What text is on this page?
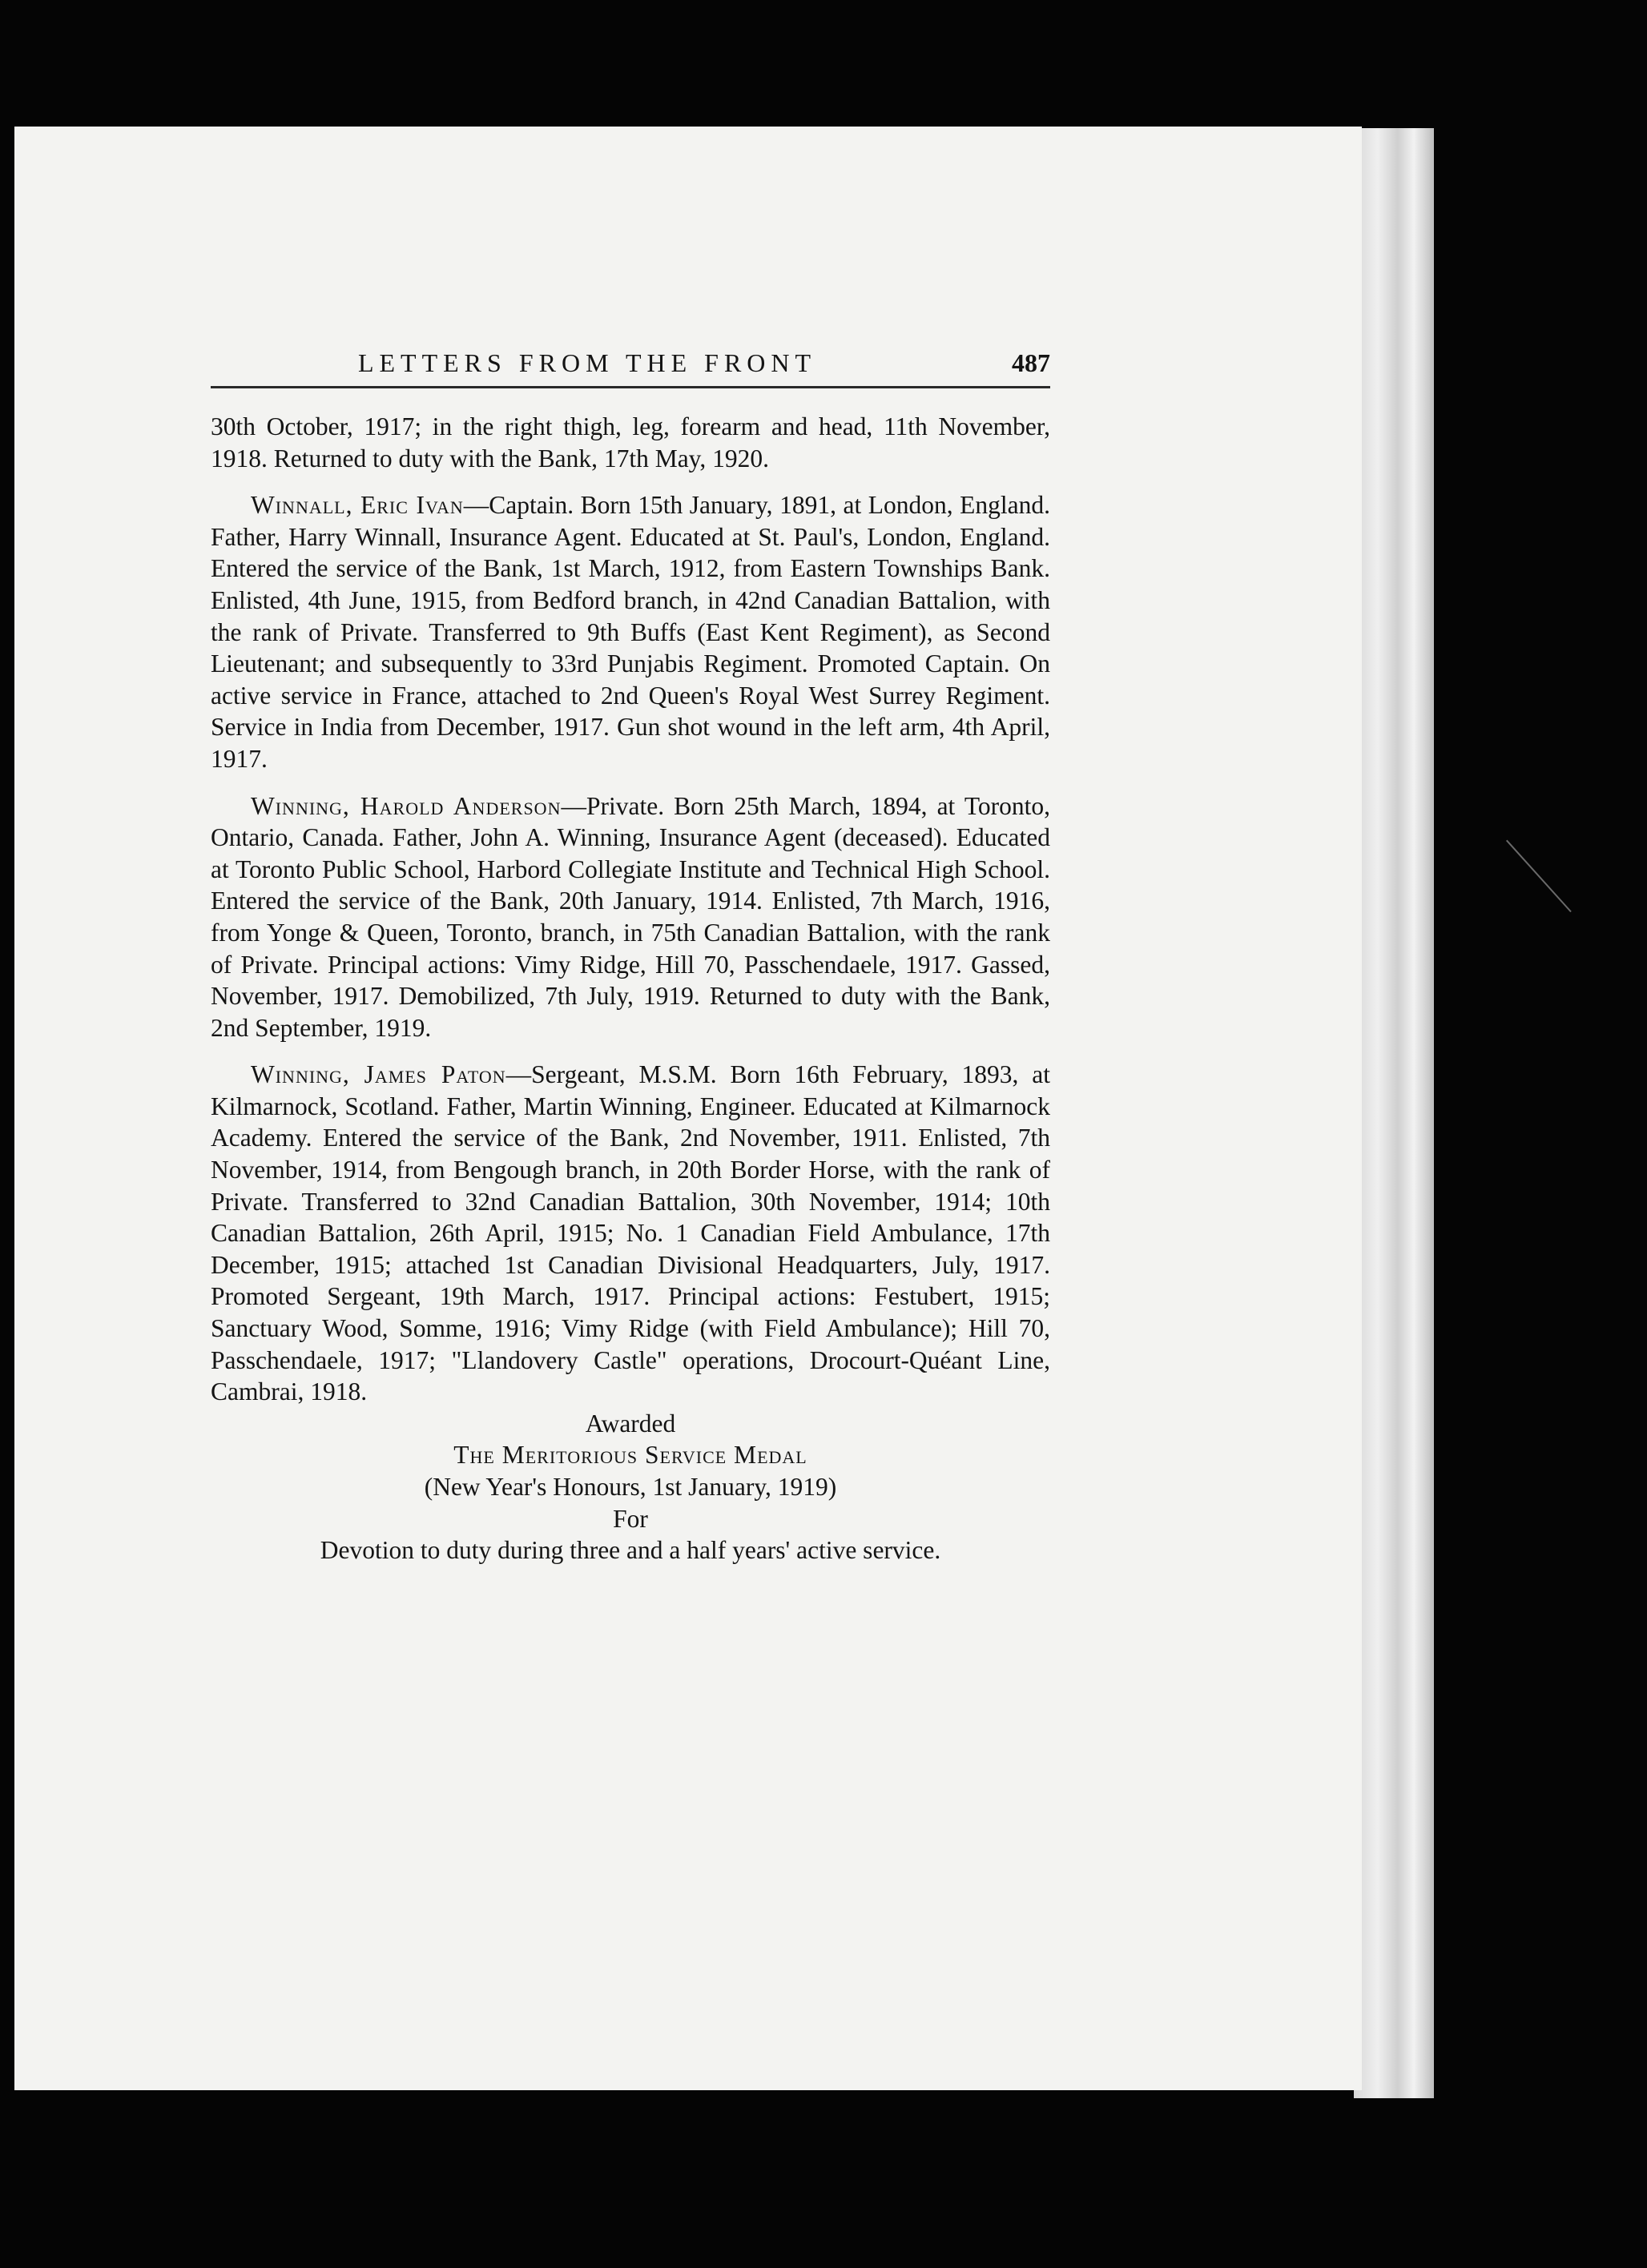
LETTERS FROM THE FRONT	487

30th October, 1917; in the right thigh, leg, forearm and head, 11th November, 1918. Returned to duty with the Bank, 17th May, 1920.

Winnall, Eric Ivan—Captain. Born 15th January, 1891, at London, England. Father, Harry Winnall, Insurance Agent. Educated at St. Paul's, London, England. Entered the service of the Bank, 1st March, 1912, from Eastern Townships Bank. Enlisted, 4th June, 1915, from Bedford branch, in 42nd Canadian Battalion, with the rank of Private. Transferred to 9th Buffs (East Kent Regiment), as Second Lieutenant; and subsequently to 33rd Punjabis Regiment. Promoted Captain. On active service in France, attached to 2nd Queen's Royal West Surrey Regiment. Service in India from December, 1917. Gun shot wound in the left arm, 4th April, 1917.

Winning, Harold Anderson—Private. Born 25th March, 1894, at Toronto, Ontario, Canada. Father, John A. Winning, Insurance Agent (deceased). Educated at Toronto Public School, Harbord Collegiate Institute and Technical High School. Entered the service of the Bank, 20th January, 1914. Enlisted, 7th March, 1916, from Yonge & Queen, Toronto, branch, in 75th Canadian Battalion, with the rank of Private. Principal actions: Vimy Ridge, Hill 70, Passchendaele, 1917. Gassed, November, 1917. Demobilized, 7th July, 1919. Returned to duty with the Bank, 2nd September, 1919.

Winning, James Paton—Sergeant, M.S.M. Born 16th February, 1893, at Kilmarnock, Scotland. Father, Martin Winning, Engineer. Educated at Kilmarnock Academy. Entered the service of the Bank, 2nd November, 1911. Enlisted, 7th November, 1914, from Bengough branch, in 20th Border Horse, with the rank of Private. Transferred to 32nd Canadian Battalion, 30th November, 1914; 10th Canadian Battalion, 26th April, 1915; No. 1 Canadian Field Ambulance, 17th December, 1915; attached 1st Canadian Divisional Headquarters, July, 1917. Promoted Sergeant, 19th March, 1917. Principal actions: Festubert, 1915; Sanctuary Wood, Somme, 1916; Vimy Ridge (with Field Ambulance); Hill 70, Passchendaele, 1917; "Llandovery Castle" operations, Drocourt-Quéant Line, Cambrai, 1918.

Awarded

The Meritorious Service Medal

(New Year's Honours, 1st January, 1919)

For

Devotion to duty during three and a half years' active service.
